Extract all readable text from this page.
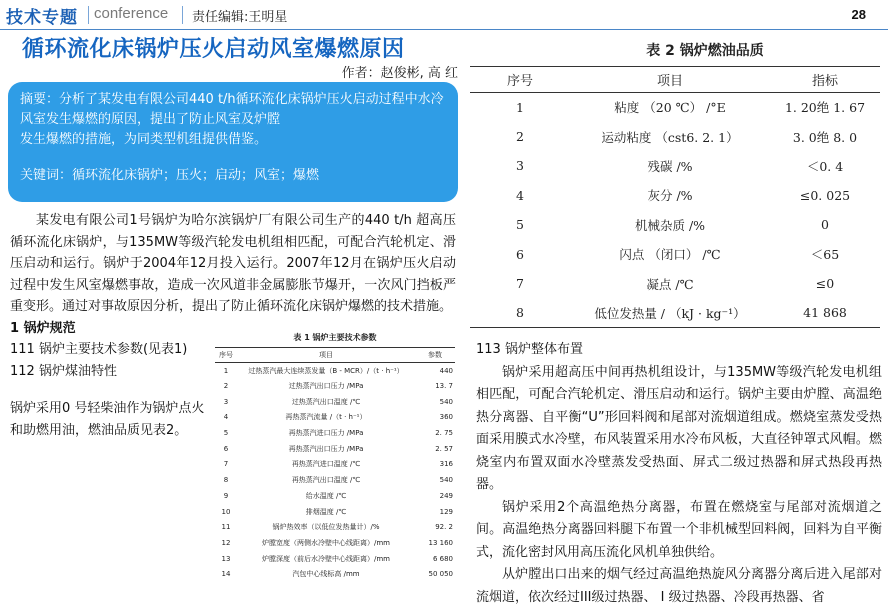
技术专题 conference 责任编辑:王明星	28
循环流化床锅炉压火启动风室爆燃原因
作者：赵俊彬, 高 红

摘要：分析了某发电有限公司440 t/h循环流化床锅炉压火启动过程中水冷风室发生爆燃的原因，提出了防止风室及炉膛
发生爆燃的措施，为同类型机组提供借鉴。

关键词：循环流化床锅炉；压火；启动；风室；爆燃

某发电有限公司1号锅炉为哈尔滨锅炉厂有限公司生产的440 t/h 超高压循环流化床锅炉，与135MW等级汽轮发电机组相匹配，可配合汽轮机定、滑压启动和运行。锅炉于2004年12月投入运行。2007年12月在锅炉压火启动过程中发生风室爆燃事故，造成一次风道非金属膨胀节爆开，一次风门挡板严重变形。通过对事故原因分析，提出了防止循环流化床锅炉爆燃的技术措施。

1 锅炉规范

111 锅炉主要技术参数(见表1)

112 锅炉煤油特性

锅炉采用0 号轻柴油作为锅炉点火和助燃用油，燃油品质见表2。

表 1 锅炉主要技术参数
序号	项目	参数
1	过热蒸汽最大连续蒸发量（B - MCR）/（t · h⁻¹）	440
2	过热蒸汽出口压力 /MPa	13. 7
3	过热蒸汽出口温度 /℃	540
4	再热蒸汽流量 /（t · h⁻¹）	360
5	再热蒸汽进口压力 /MPa	2. 75
6	再热蒸汽出口压力 /MPa	2. 57
7	再热蒸汽进口温度 /℃	316
8	再热蒸汽出口温度 /℃	540
9	给水温度 /℃	249
10	排烟温度 /℃	129
11	锅炉热效率（以低位发热量计）/%	92. 2
12	炉膛宽度（两侧水冷壁中心线距离）/mm	13 160
13	炉膛深度（前后水冷壁中心线距离）/mm	6 680
14	汽包中心线标高 /mm	50 050
表 2 锅炉燃油品质
序号	项目	指标
1	粘度 （20 ℃） /°E	1. 20绝 1. 67
2	运动粘度 （cst6. 2. 1）	3. 0绝 8. 0
3	残碳 /%	＜0. 4
4	灰分 /%	≤0. 025
5	机械杂质 /%	0
6	闪点 （闭口） /℃	＜65
7	凝点 /℃	≤0
8	低位发热量 / （kJ · kg⁻¹）	41 868

113 锅炉整体布置

锅炉采用超高压中间再热机组设计，与135MW等级汽轮发电机组相匹配，可配合汽轮机定、滑压启动和运行。锅炉主要由炉膛、高温绝热分离器、自平衡“U”形回料阀和尾部对流烟道组成。燃烧室蒸发受热面采用膜式水冷壁，布风装置采用水冷布风板，大直径钟罩式风帽。燃烧室内布置双面水冷壁蒸发受热面、屏式二级过热器和屏式热段再热器。

锅炉采用2个高温绝热分离器，布置在燃烧室与尾部对流烟道之间。高温绝热分离器回料腿下布置一个非机械型回料阀，回料为自平衡式，流化密封风用高压流化风机单独供给。

从炉膛出口出来的烟气经过高温绝热旋风分离器分离后进入尾部对流烟道，依次经过III级过热器、 I 级过热器、冷段再热器、省
